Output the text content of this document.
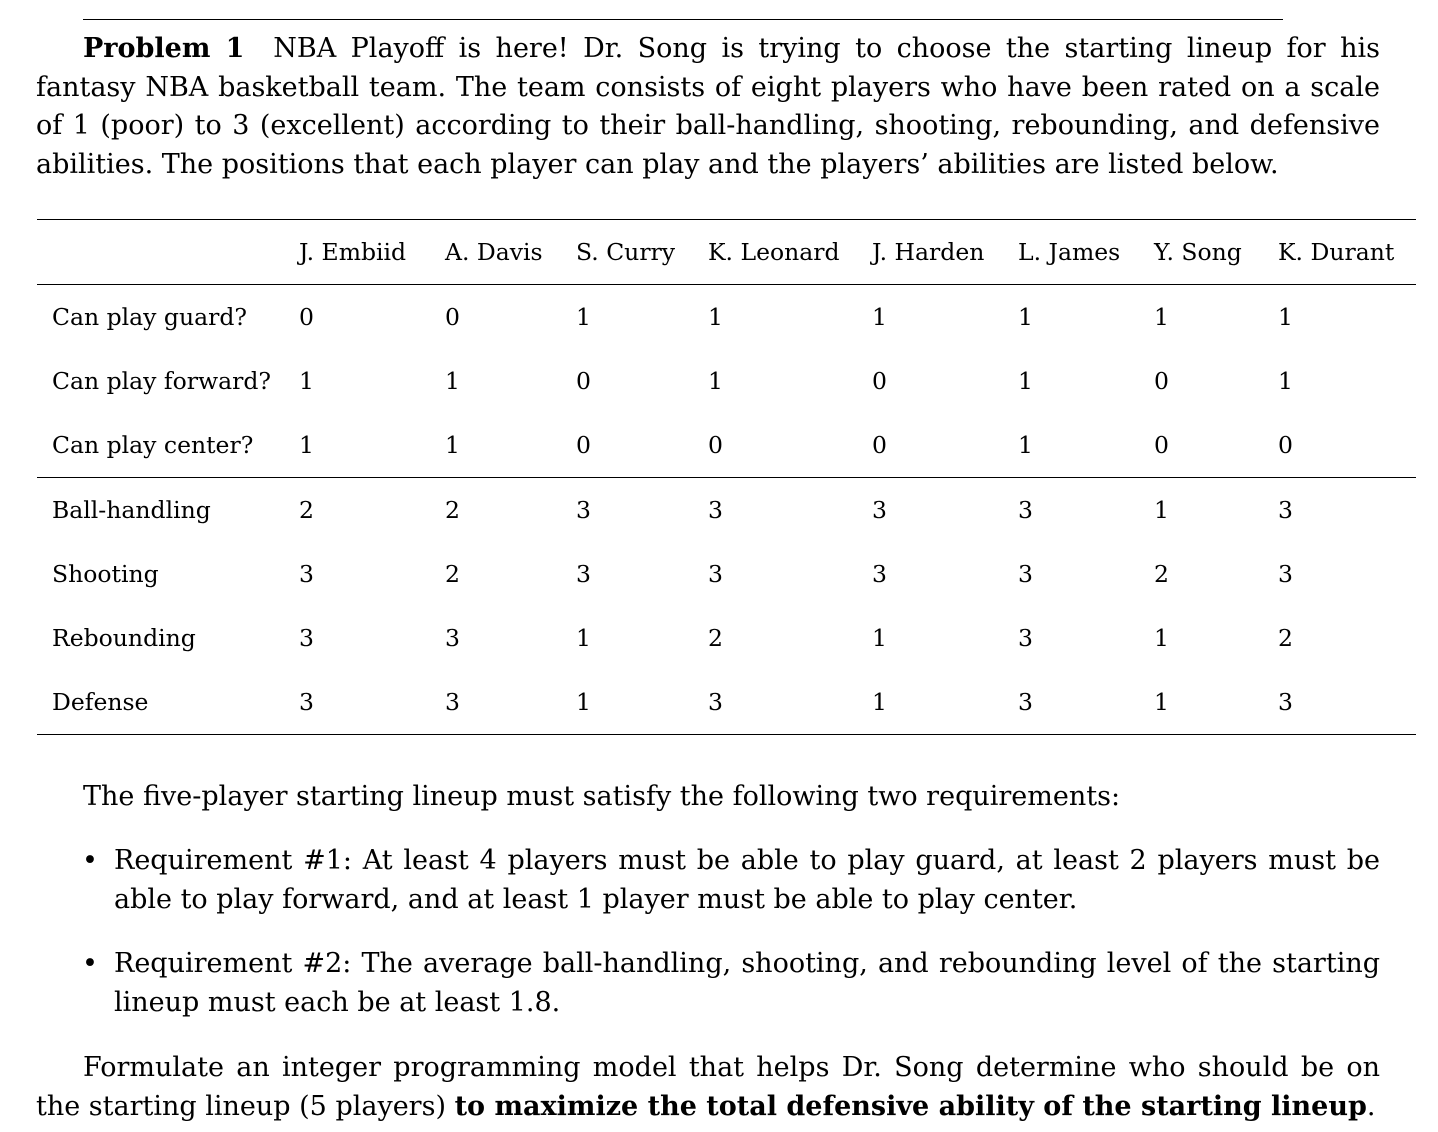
Problem 1 NBA Playoff is here! Dr. Song is trying to choose the starting lineup for his fantasy NBA basketball team. The team consists of eight players who have been rated on a scale of 1 (poor) to 3 (excellent) according to their ball-handling, shooting, rebounding, and defensive abilities. The positions that each player can play and the players’ abilities are listed below.

	J. Embiid	A. Davis	S. Curry	K. Leonard	J. Harden	L. James	Y. Song	K. Durant
Can play guard?	0	0	1	1	1	1	1	1
Can play forward?	1	1	0	1	0	1	0	1
Can play center?	1	1	0	0	0	1	0	0
Ball-handling	2	2	3	3	3	3	1	3
Shooting	3	2	3	3	3	3	2	3
Rebounding	3	3	1	2	1	3	1	2
Defense	3	3	1	3	1	3	1	3

The five-player starting lineup must satisfy the following two requirements:

• Requirement #1: At least 4 players must be able to play guard, at least 2 players must be able to play forward, and at least 1 player must be able to play center.
• Requirement #2: The average ball-handling, shooting, and rebounding level of the starting lineup must each be at least 1.8.

Formulate an integer programming model that helps Dr. Song determine who should be on the starting lineup (5 players) to maximize the total defensive ability of the starting lineup.
